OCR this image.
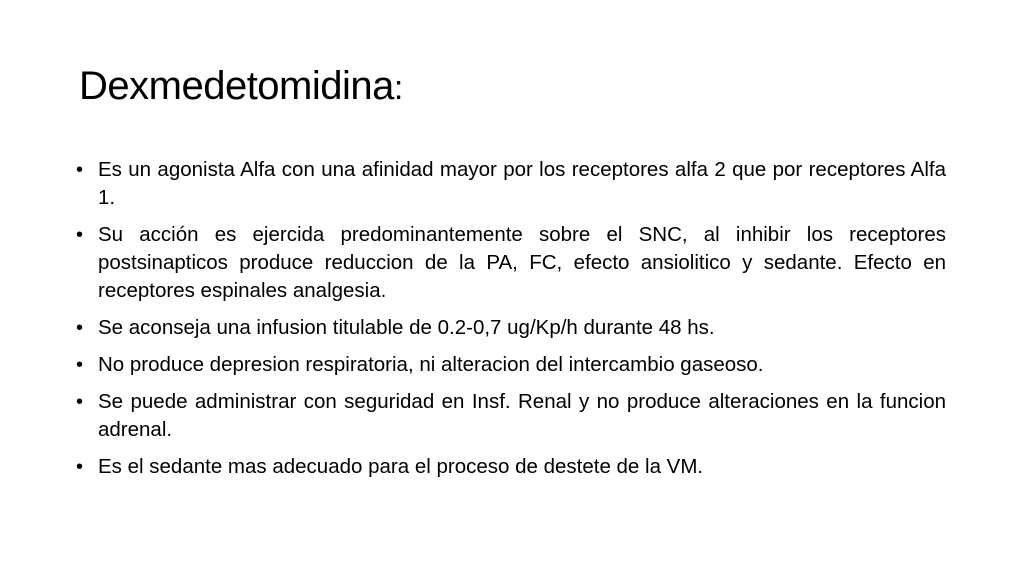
Dexmedetomidina:
• Es un agonista Alfa con una afinidad mayor por los receptores alfa 2 que por receptores Alfa 1.
• Su acción es ejercida predominantemente sobre el SNC, al inhibir los receptores postsinapticos produce reduccion de la PA, FC, efecto ansiolitico y sedante. Efecto en receptores espinales analgesia.
• Se aconseja una infusion titulable de 0.2-0,7 ug/Kp/h durante 48 hs.
• No produce depresion respiratoria, ni alteracion del intercambio gaseoso.
• Se puede administrar con seguridad en Insf. Renal y no produce alteraciones en la funcion adrenal.
• Es el sedante mas adecuado para el proceso de destete de la VM.
